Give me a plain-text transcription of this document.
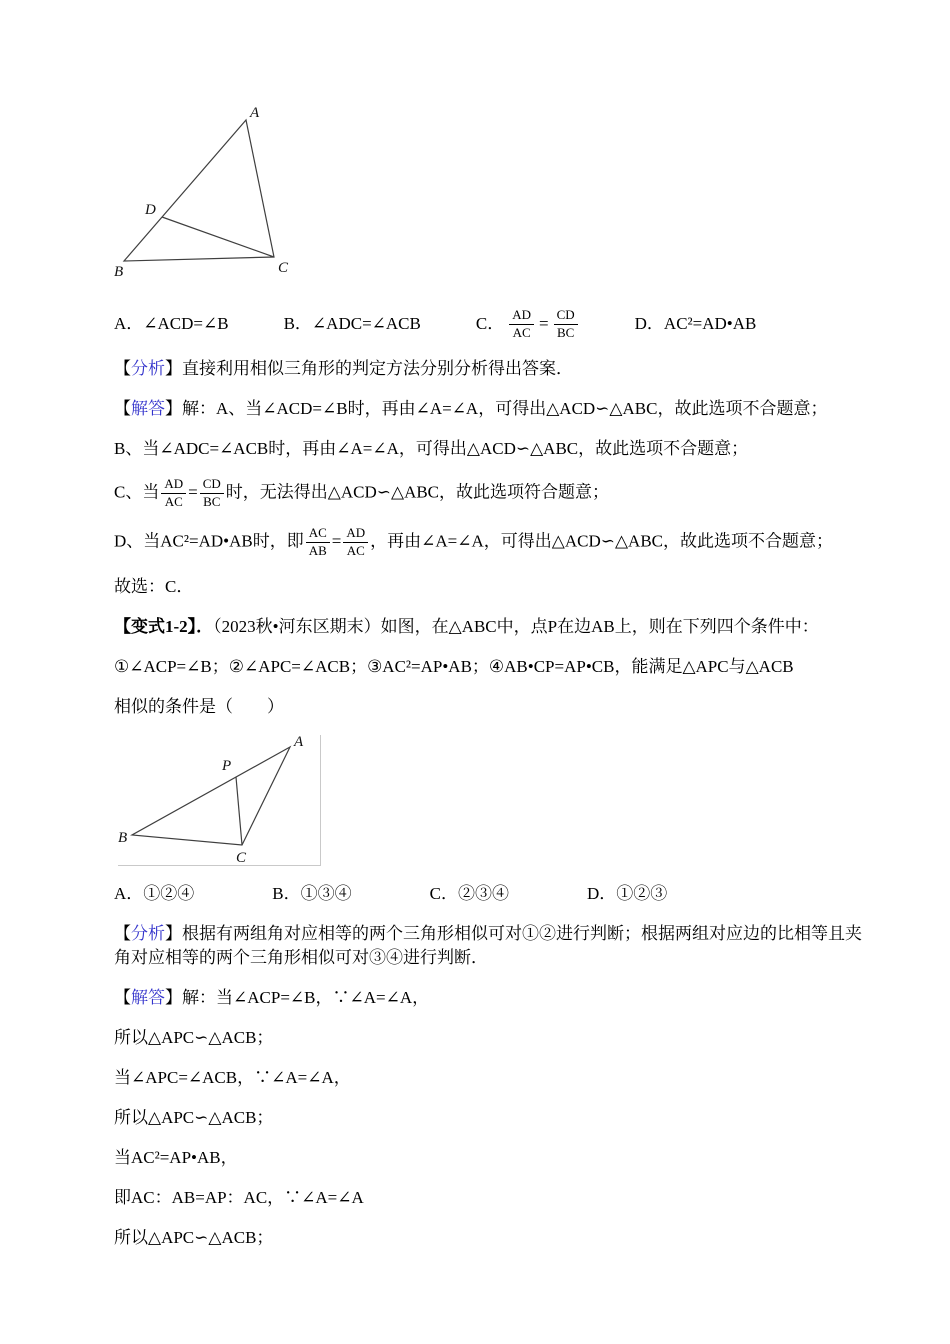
A
B	C
D
A．∠ACD=∠B	B．∠ADC=∠ACB	C． $\frac{AD}{AC} = \frac{CD}{BC}$	D．AC²=AD•AB

【分析】直接利用相似三角形的判定方法分别分析得出答案．

【解答】解：A、当∠ACD=∠B时，再由∠A=∠A，可得出△ACD∽△ABC，故此选项不合题意；

B、当∠ADC=∠ACB时，再由∠A=∠A，可得出△ACD∽△ABC，故此选项不合题意；

C、当 $\frac{AD}{AC} = \frac{CD}{BC}$ 时，无法得出△ACD∽△ABC，故此选项符合题意；

D、当AC²=AD•AB时，即 $\frac{AC}{AB} = \frac{AD}{AC}$ ，再由∠A=∠A，可得出△ACD∽△ABC，故此选项不合题意；

故选：C．

【变式1-2】．（2023秋•河东区期末）如图，在△ABC中，点P在边AB上，则在下列四个条件中：

①∠ACP=∠B；②∠APC=∠ACB；③AC²=AP•AB；④AB•CP=AP•CB，能满足△APC与△ACB

相似的条件是（　　）

A
P
B
C
A．①②④	B．①③④	C．②③④	D．①②③

【分析】根据有两组角对应相等的两个三角形相似可对①②进行判断；根据两组对应边的比相等且夹角对应相等的两个三角形相似可对③④进行判断．

【解答】解：当∠ACP=∠B，∵∠A=∠A，

所以△APC∽△ACB；

当∠APC=∠ACB，∵∠A=∠A，

所以△APC∽△ACB；

当AC²=AP•AB，

即AC：AB=AP：AC，∵∠A=∠A

所以△APC∽△ACB；
